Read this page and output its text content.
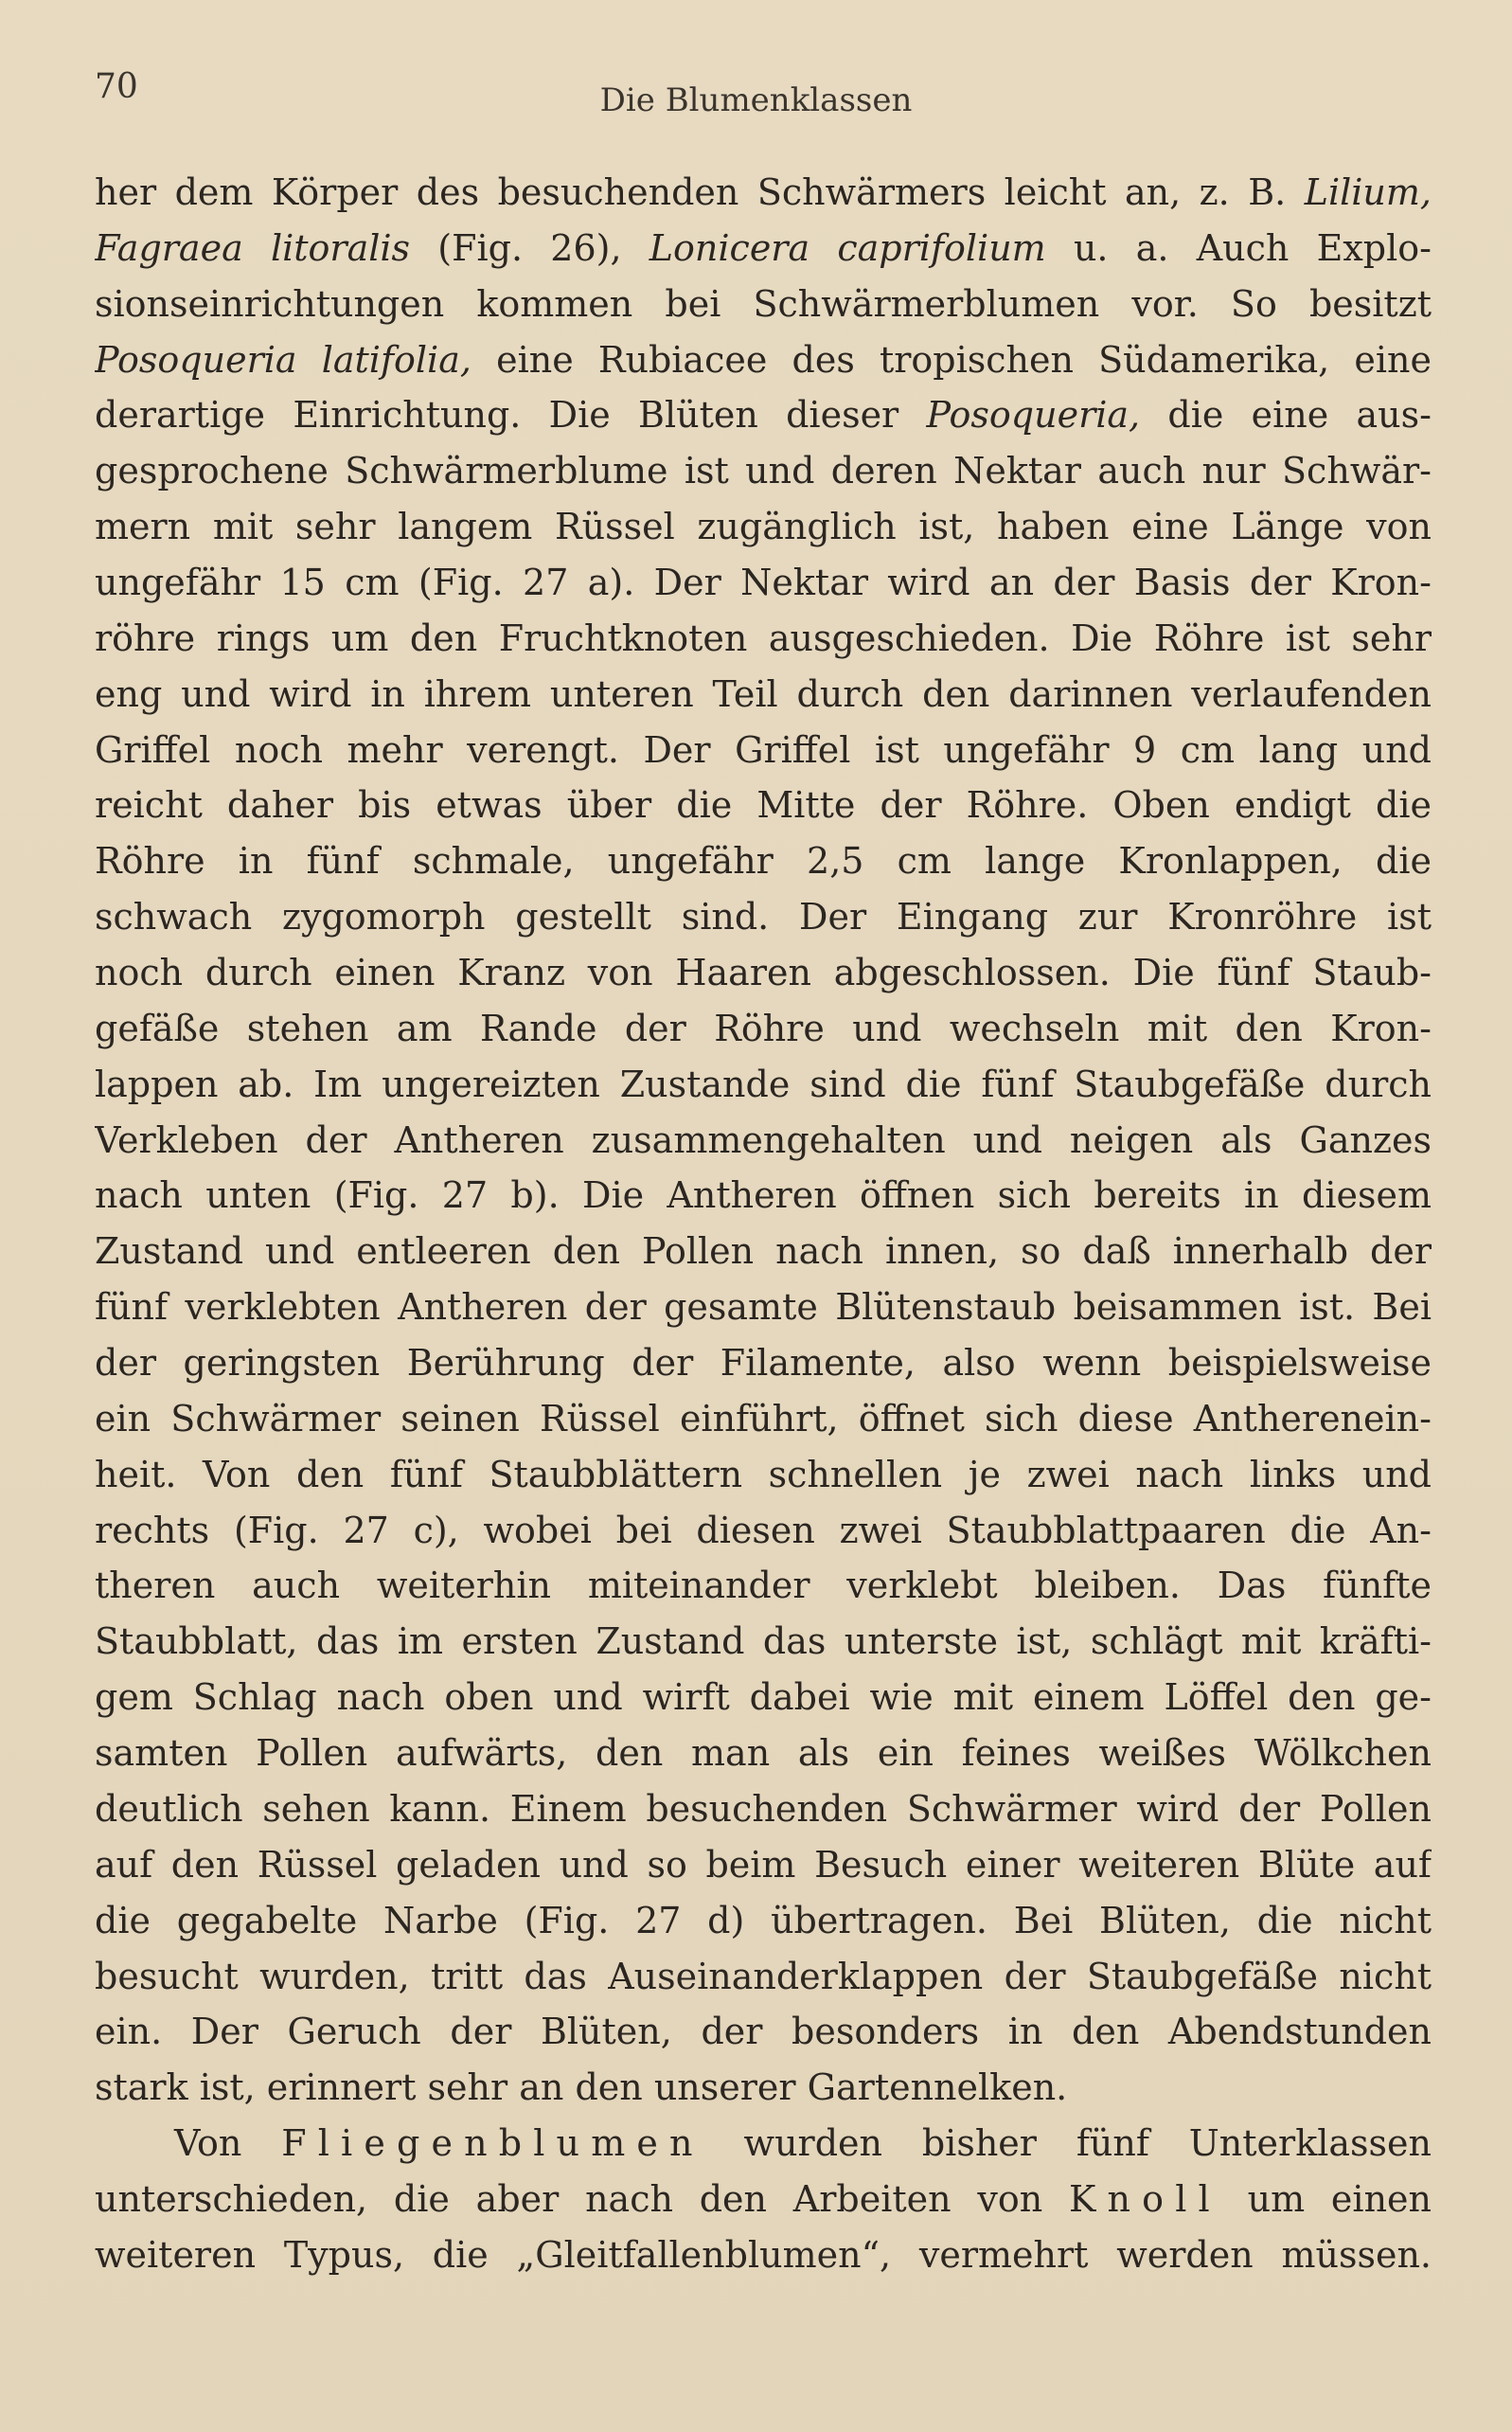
70	Die Blumenklassen
her dem Körper des besuchenden Schwärmers leicht an, z. B. Lilium,
Fagraea litoralis (Fig. 26), Lonicera caprifolium u. a. Auch Explo-
sionseinrichtungen kommen bei Schwärmerblumen vor. So besitzt
Posoqueria latifolia, eine Rubiacee des tropischen Südamerika, eine
derartige Einrichtung. Die Blüten dieser Posoqueria, die eine aus-
gesprochene Schwärmerblume ist und deren Nektar auch nur Schwär-
mern mit sehr langem Rüssel zugänglich ist, haben eine Länge von
ungefähr 15 cm (Fig. 27 a). Der Nektar wird an der Basis der Kron-
röhre rings um den Fruchtknoten ausgeschieden. Die Röhre ist sehr
eng und wird in ihrem unteren Teil durch den darinnen verlaufenden
Griffel noch mehr verengt. Der Griffel ist ungefähr 9 cm lang und
reicht daher bis etwas über die Mitte der Röhre. Oben endigt die
Röhre in fünf schmale, ungefähr 2,5 cm lange Kronlappen, die
schwach zygomorph gestellt sind. Der Eingang zur Kronröhre ist
noch durch einen Kranz von Haaren abgeschlossen. Die fünf Staub-
gefäße stehen am Rande der Röhre und wechseln mit den Kron-
lappen ab. Im ungereizten Zustande sind die fünf Staubgefäße durch
Verkleben der Antheren zusammengehalten und neigen als Ganzes
nach unten (Fig. 27 b). Die Antheren öffnen sich bereits in diesem
Zustand und entleeren den Pollen nach innen, so daß innerhalb der
fünf verklebten Antheren der gesamte Blütenstaub beisammen ist. Bei
der geringsten Berührung der Filamente, also wenn beispielsweise
ein Schwärmer seinen Rüssel einführt, öffnet sich diese Antherenein-
heit. Von den fünf Staubblättern schnellen je zwei nach links und
rechts (Fig. 27 c), wobei bei diesen zwei Staubblattpaaren die An-
theren auch weiterhin miteinander verklebt bleiben. Das fünfte
Staubblatt, das im ersten Zustand das unterste ist, schlägt mit kräfti-
gem Schlag nach oben und wirft dabei wie mit einem Löffel den ge-
samten Pollen aufwärts, den man als ein feines weißes Wölkchen
deutlich sehen kann. Einem besuchenden Schwärmer wird der Pollen
auf den Rüssel geladen und so beim Besuch einer weiteren Blüte auf
die gegabelte Narbe (Fig. 27 d) übertragen. Bei Blüten, die nicht
besucht wurden, tritt das Auseinanderklappen der Staubgefäße nicht
ein. Der Geruch der Blüten, der besonders in den Abendstunden
stark ist, erinnert sehr an den unserer Gartennelken.
Von Fliegenblumen wurden bisher fünf Unterklassen
unterschieden, die aber nach den Arbeiten von Knoll um einen
weiteren Typus, die „Gleitfallenblumen“, vermehrt werden müssen.
